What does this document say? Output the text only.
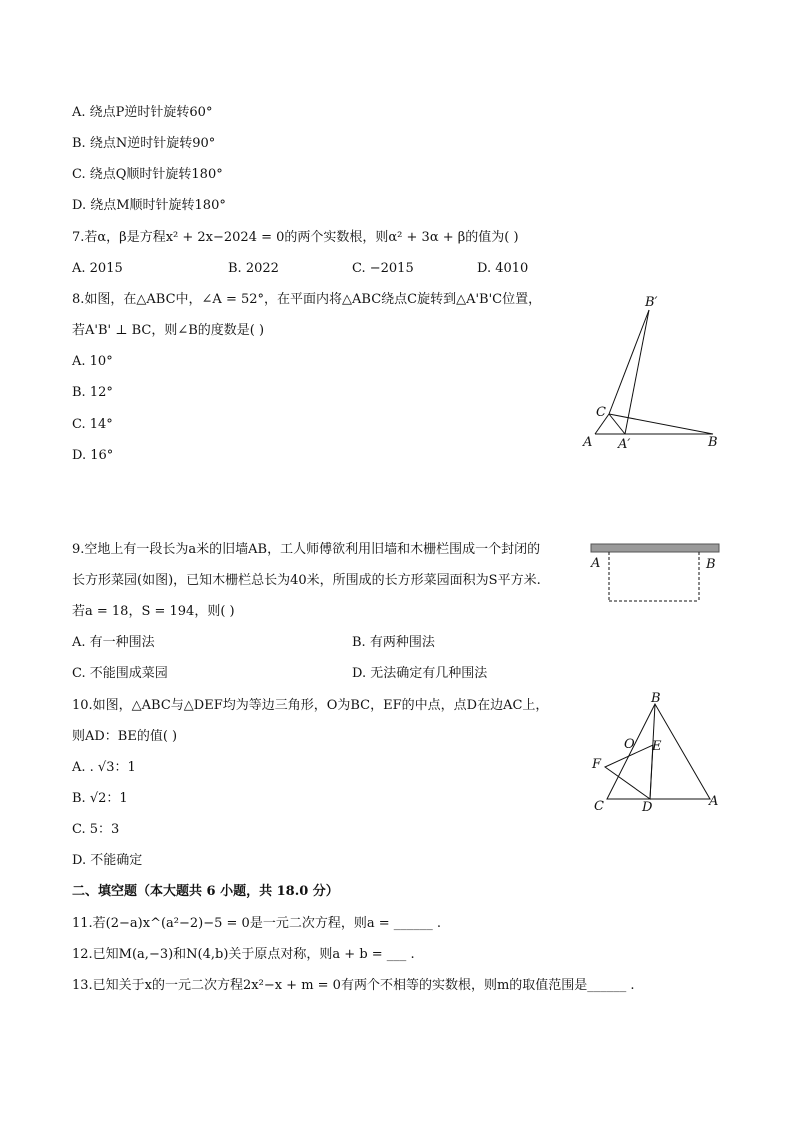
A. 绕点P逆时针旋转60°
B. 绕点N逆时针旋转90°
C. 绕点Q顺时针旋转180°
D. 绕点M顺时针旋转180°
7.若α，β是方程x² + 2x−2024 = 0的两个实数根，则α² + 3α + β的值为( )
A. 2015	B. 2022	C. −2015	D. 4010
8.如图，在△ABC中，∠A = 52°，在平面内将△ABC绕点C旋转到△A'B'C位置，
若A'B' ⊥ BC，则∠B的度数是( )
A. 10°
B. 12°
C. 14°
D. 16°
B′
C
A A′	B
9.空地上有一段长为a米的旧墙AB，工人师傅欲利用旧墙和木栅栏围成一个封闭的
长方形菜园(如图)，已知木栅栏总长为40米，所围成的长方形菜园面积为S平方米.
若a = 18，S = 194，则( )
A. 有一种围法	B. 有两种围法
C. 不能围成菜园	D. 无法确定有几种围法
A	B
10.如图，△ABC与△DEF均为等边三角形，O为BC，EF的中点，点D在边AC上，
则AD：BE的值( )
A. . √3：1
B. √2：1
C. 5：3
D. 不能确定
B
O E
F
C	D	A
二、填空题（本大题共 6 小题，共 18.0 分）
11.若(2−a)x^(a²−2)−5 = 0是一元二次方程，则a = ______ .
12.已知M(a,−3)和N(4,b)关于原点对称，则a + b = ___ .
13.已知关于x的一元二次方程2x²−x + m = 0有两个不相等的实数根，则m的取值范围是______ .
